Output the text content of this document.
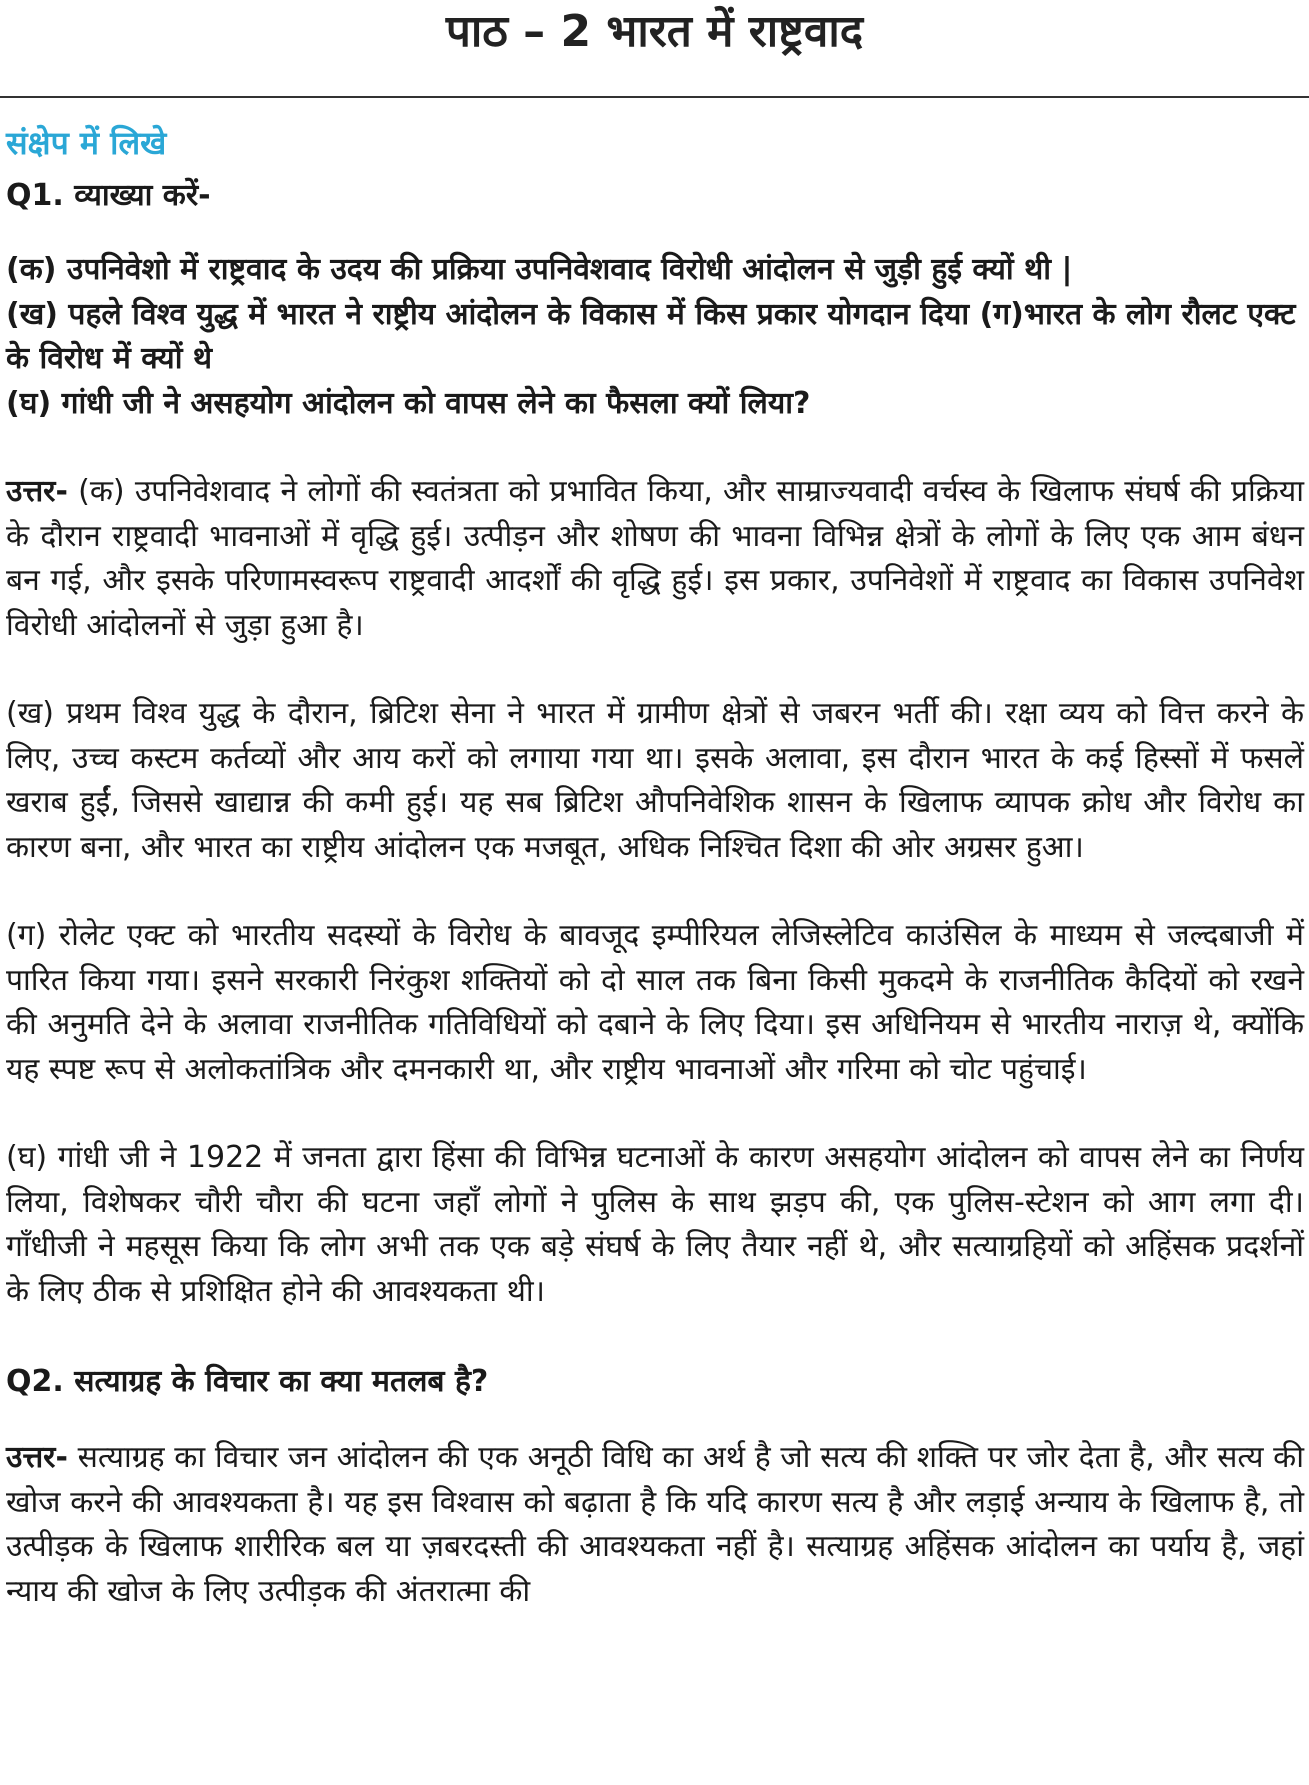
पाठ – 2 भारत में राष्ट्रवाद
संक्षेप में लिखे
Q1. व्याख्या करें-

(क) उपनिवेशो में राष्ट्रवाद के उदय की प्रक्रिया उपनिवेशवाद विरोधी आंदोलन से जुड़ी हुई क्यों थी |

(ख) पहले विश्व युद्ध में भारत ने राष्ट्रीय आंदोलन के विकास में किस प्रकार योगदान दिया (ग)भारत के लोग रौलट एक्ट के विरोध में क्यों थे

(घ) गांधी जी ने असहयोग आंदोलन को वापस लेने का फैसला क्यों लिया?

उत्तर- (क) उपनिवेशवाद ने लोगों की स्वतंत्रता को प्रभावित किया, और साम्राज्यवादी वर्चस्व के खिलाफ संघर्ष की प्रक्रिया के दौरान राष्ट्रवादी भावनाओं में वृद्धि हुई। उत्पीड़न और शोषण की भावना विभिन्न क्षेत्रों के लोगों के लिए एक आम बंधन बन गई, और इसके परिणामस्वरूप राष्ट्रवादी आदर्शों की वृद्धि हुई। इस प्रकार, उपनिवेशों में राष्ट्रवाद का विकास उपनिवेश विरोधी आंदोलनों से जुड़ा हुआ है।
(ख) प्रथम विश्व युद्ध के दौरान, ब्रिटिश सेना ने भारत में ग्रामीण क्षेत्रों से जबरन भर्ती की। रक्षा व्यय को वित्त करने के लिए, उच्च कस्टम कर्तव्यों और आय करों को लगाया गया था। इसके अलावा, इस दौरान भारत के कई हिस्सों में फसलें खराब हुईं, जिससे खाद्यान्न की कमी हुई। यह सब ब्रिटिश औपनिवेशिक शासन के खिलाफ व्यापक क्रोध और विरोध का कारण बना, और भारत का राष्ट्रीय आंदोलन एक मजबूत, अधिक निश्चित दिशा की ओर अग्रसर हुआ।
(ग) रोलेट एक्ट को भारतीय सदस्यों के विरोध के बावजूद इम्पीरियल लेजिस्लेटिव काउंसिल के माध्यम से जल्दबाजी में पारित किया गया। इसने सरकारी निरंकुश शक्तियों को दो साल तक बिना किसी मुकदमे के राजनीतिक कैदियों को रखने की अनुमति देने के अलावा राजनीतिक गतिविधियों को दबाने के लिए दिया। इस अधिनियम से भारतीय नाराज़ थे, क्योंकि यह स्पष्ट रूप से अलोकतांत्रिक और दमनकारी था, और राष्ट्रीय भावनाओं और गरिमा को चोट पहुंचाई।
(घ) गांधी जी ने 1922 में जनता द्वारा हिंसा की विभिन्न घटनाओं के कारण असहयोग आंदोलन को वापस लेने का निर्णय लिया, विशेषकर चौरी चौरा की घटना जहाँ लोगों ने पुलिस के साथ झड़प की, एक पुलिस-स्टेशन को आग लगा दी। गाँधीजी ने महसूस किया कि लोग अभी तक एक बड़े संघर्ष के लिए तैयार नहीं थे, और सत्याग्रहियों को अहिंसक प्रदर्शनों के लिए ठीक से प्रशिक्षित होने की आवश्यकता थी।
Q2. सत्याग्रह के विचार का क्या मतलब है?
उत्तर- सत्याग्रह का विचार जन आंदोलन की एक अनूठी विधि का अर्थ है जो सत्य की शक्ति पर जोर देता है, और सत्य की खोज करने की आवश्यकता है। यह इस विश्वास को बढ़ाता है कि यदि कारण सत्य है और लड़ाई अन्याय के खिलाफ है, तो उत्पीड़क के खिलाफ शारीरिक बल या ज़बरदस्ती की आवश्यकता नहीं है। सत्याग्रह अहिंसक आंदोलन का पर्याय है, जहां न्याय की खोज के लिए उत्पीड़क की अंतरात्मा की
